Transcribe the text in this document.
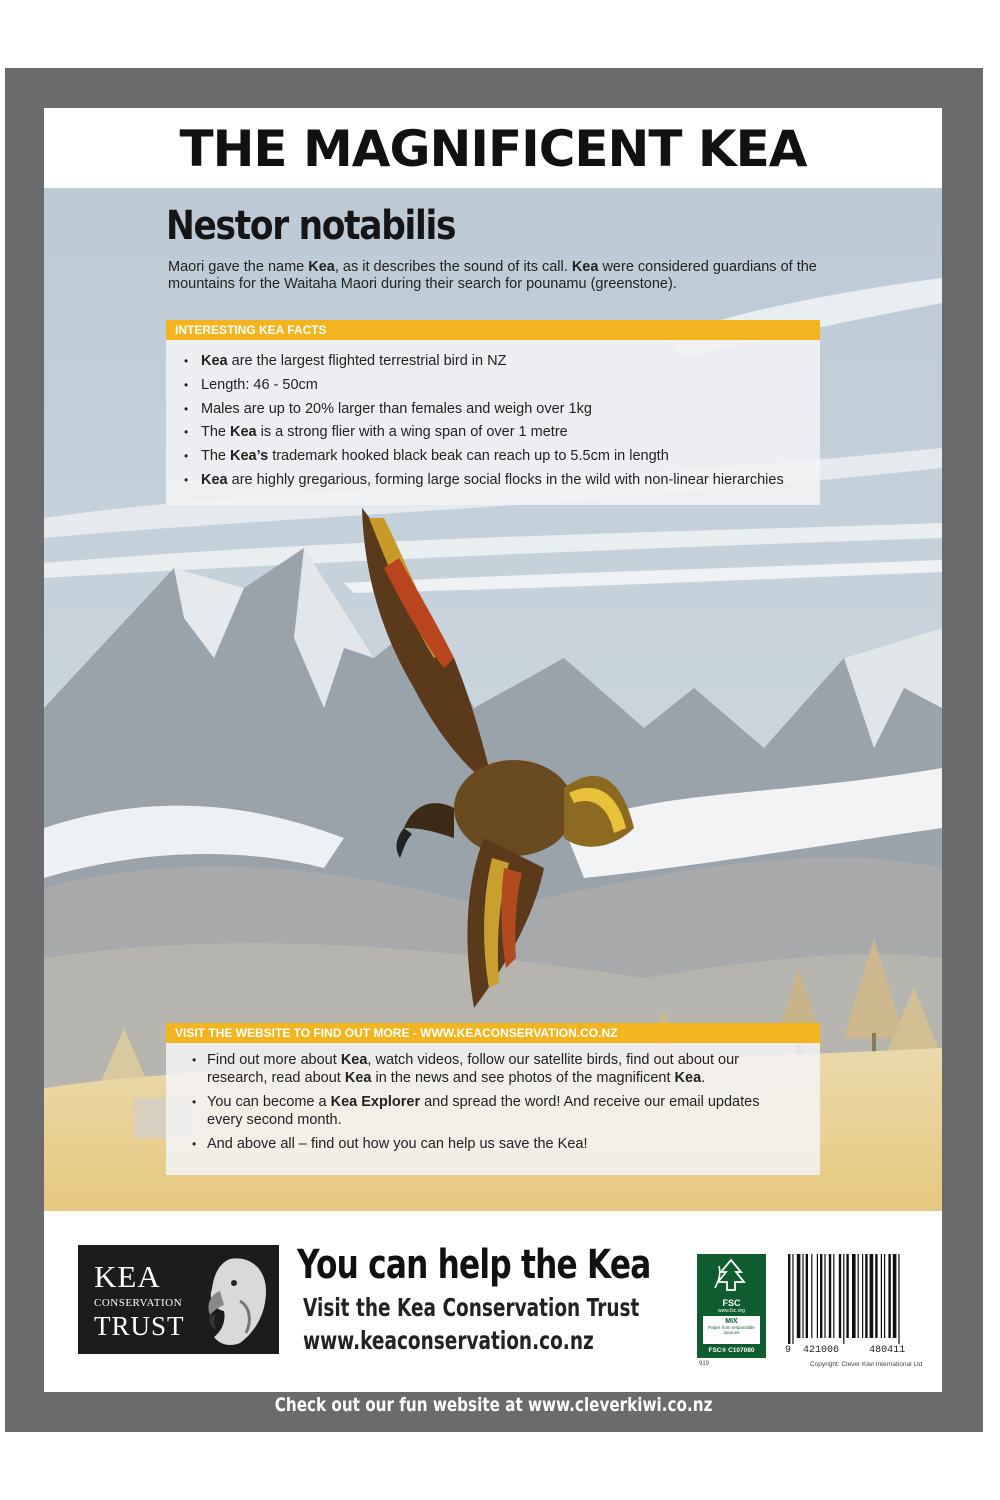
THE MAGNIFICENT KEA
Nestor notabilis
Maori gave the name Kea, as it describes the sound of its call. Kea were considered guardians of the mountains for the Waitaha Maori during their search for pounamu (greenstone).
INTERESTING KEA FACTS
• Kea are the largest flighted terrestrial bird in NZ
• Length: 46 - 50cm
• Males are up to 20% larger than females and weigh over 1kg
• The Kea is a strong flier with a wing span of over 1 metre
• The Kea’s trademark hooked black beak can reach up to 5.5cm in length
• Kea are highly gregarious, forming large social flocks in the wild with non-linear hierarchies
VISIT THE WEBSITE TO FIND OUT MORE - WWW.KEACONSERVATION.CO.NZ
• Find out more about Kea, watch videos, follow our satellite birds, find out about our research, read about Kea in the news and see photos of the magnificent Kea.
• You can become a Kea Explorer and spread the word! And receive our email updates every second month.
• And above all – find out how you can help us save the Kea!
KEA
CONSERVATION
TRUST
You can help the Kea
Visit the Kea Conservation Trust
www.keaconservation.co.nz
FSC
www.fsc.org
MIX
Paper from responsible sources
FSC® C107080
919
9 421006	480411
Copyright: Clever Kiwi International Ltd
Check out our fun website at www.cleverkiwi.co.nz
